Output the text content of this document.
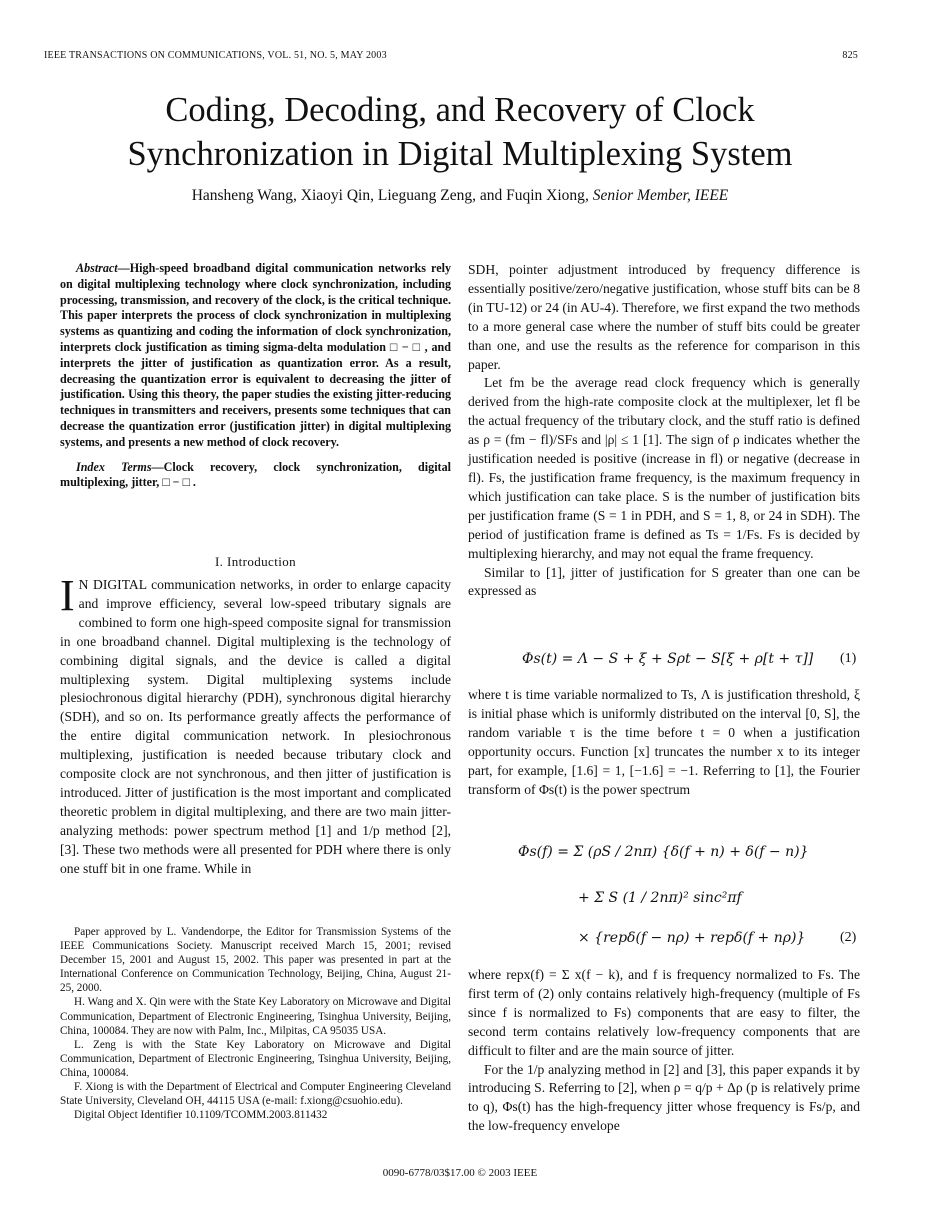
IEEE TRANSACTIONS ON COMMUNICATIONS, VOL. 51, NO. 5, MAY 2003	825
Coding, Decoding, and Recovery of Clock Synchronization in Digital Multiplexing System
Hansheng Wang, Xiaoyi Qin, Lieguang Zeng, and Fuqin Xiong, Senior Member, IEEE

Abstract—High-speed broadband digital communication networks rely on digital multiplexing technology where clock synchronization, including processing, transmission, and recovery of the clock, is the critical technique. This paper interprets the process of clock synchronization in multiplexing systems as quantizing and coding the information of clock synchronization, interprets clock justification as timing sigma-delta modulation □ − □ , and interprets the jitter of justification as quantization error. As a result, decreasing the quantization error is equivalent to decreasing the jitter of justification. Using this theory, the paper studies the existing jitter-reducing techniques in transmitters and receivers, presents some techniques that can decrease the quantization error (justification jitter) in digital multiplexing systems, and presents a new method of clock recovery.

Index Terms—Clock recovery, clock synchronization, digital multiplexing, jitter, □ − □ .

I. Introduction

I N DIGITAL communication networks, in order to enlarge capacity and improve efficiency, several low-speed tributary signals are combined to form one high-speed composite signal for transmission in one broadband channel. Digital multiplexing is the technology of combining digital signals, and the device is called a digital multiplexing system. Digital multiplexing systems include plesiochronous digital hierarchy (PDH), synchronous digital hierarchy (SDH), and so on. Its performance greatly affects the performance of the entire digital communication network. In plesiochronous multiplexing, justification is needed because tributary clock and composite clock are not synchronous, and then jitter of justification is introduced. Jitter of justification is the most important and complicated theoretic problem in digital multiplexing, and there are two main jitter-analyzing methods: power spectrum method [1] and 1/p method [2], [3]. These two methods were all presented for PDH where there is only one stuff bit in one frame. While in

Paper approved by L. Vandendorpe, the Editor for Transmission Systems of the IEEE Communications Society. Manuscript received March 15, 2001; revised December 15, 2001 and August 15, 2002. This paper was presented in part at the International Conference on Communication Technology, Beijing, China, August 21-25, 2000.

H. Wang and X. Qin were with the State Key Laboratory on Microwave and Digital Communication, Department of Electronic Engineering, Tsinghua University, Beijing, China, 100084. They are now with Palm, Inc., Milpitas, CA 95035 USA.

L. Zeng is with the State Key Laboratory on Microwave and Digital Communication, Department of Electronic Engineering, Tsinghua University, Beijing, China, 100084.

F. Xiong is with the Department of Electrical and Computer Engineering Cleveland State University, Cleveland OH, 44115 USA (e-mail: f.xiong@csuohio.edu).

Digital Object Identifier 10.1109/TCOMM.2003.811432

SDH, pointer adjustment introduced by frequency difference is essentially positive/zero/negative justification, whose stuff bits can be 8 (in TU-12) or 24 (in AU-4). Therefore, we first expand the two methods to a more general case where the number of stuff bits could be greater than one, and use the results as the reference for comparison in this paper.

Let fm be the average read clock frequency which is generally derived from the high-rate composite clock at the multiplexer, let fl be the actual frequency of the tributary clock, and the stuff ratio is defined as ρ = (fm − fl)/SFs and |ρ| ≤ 1 [1]. The sign of ρ indicates whether the justification needed is positive (increase in fl) or negative (decrease in fl). Fs, the justification frame frequency, is the maximum frequency in which justification can take place. S is the number of justification bits per justification frame (S = 1 in PDH, and S = 1, 8, or 24 in SDH). The period of justification frame is defined as Ts = 1/Fs. Fs is decided by multiplexing hierarchy, and may not equal the frame frequency.

Similar to [1], jitter of justification for S greater than one can be expressed as

Φs(t) = Λ − S + ξ + Sρt − S[ξ + ρ[t + τ]] (1)

where t is time variable normalized to Ts, Λ is justification threshold, ξ is initial phase which is uniformly distributed on the interval [0, S], the random variable τ is the time before t = 0 when a justification opportunity occurs. Function [x] truncates the number x to its integer part, for example, [1.6] = 1, [−1.6] = −1. Referring to [1], the Fourier transform of Φs(t) is the power spectrum

Φs(f) = Σ (ρS / 2nπ) {δ(f + n) + δ(f − n)}
+ Σ S (1 / 2nπ)² sinc²πf
× {repδ(f − nρ) + repδ(f + nρ)} (2)

where repx(f) = Σ x(f − k), and f is frequency normalized to Fs. The first term of (2) only contains relatively high-frequency (multiple of Fs since f is normalized to Fs) components that are easy to filter, the second term contains relatively low-frequency components that are difficult to filter and are the main source of jitter.

For the 1/p analyzing method in [2] and [3], this paper expands it by introducing S. Referring to [2], when ρ = q/p + Δρ (p is relatively prime to q), Φs(t) has the high-frequency jitter whose frequency is Fs/p, and the low-frequency envelope

0090-6778/03$17.00 © 2003 IEEE
